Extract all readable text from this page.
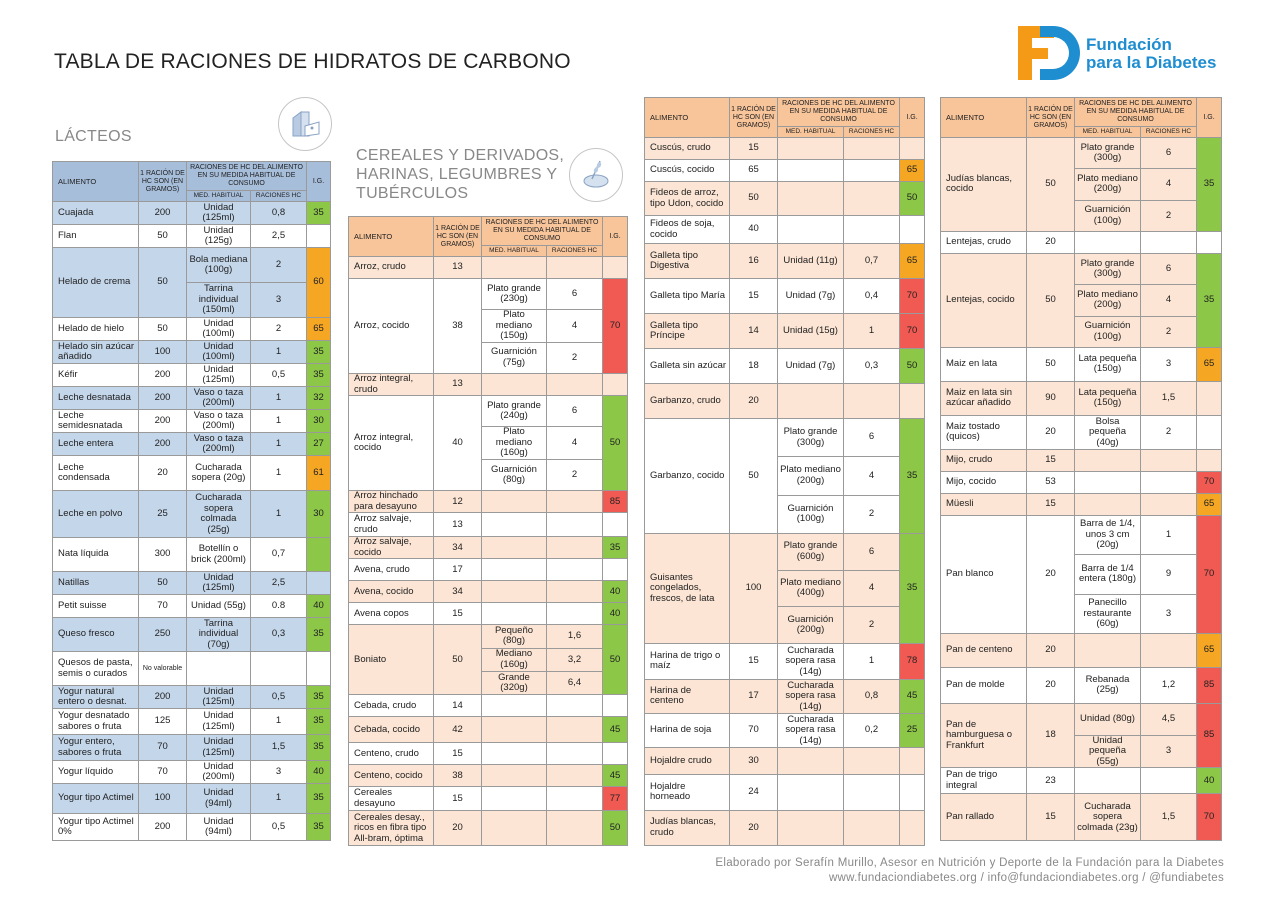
TABLA DE RACIONES DE HIDRATOS DE CARBONO
Fundación
para la Diabetes
LÁCTEOS
CEREALES Y DERIVADOS,
HARINAS, LEGUMBRES Y
TUBÉRCULOS
ALIMENTO	1 RACIÓN DE HC SON (EN GRAMOS)	RACIONES DE HC DEL ALIMENTO EN SU MEDIDA HABITUAL DE CONSUMO		I.G.
		MED. HABITUAL	RACIONES HC	
Cuajada	200	Unidad (125ml)	0,8	35
Flan	50	Unidad (125g)	2,5	
Helado de crema	50	Bola mediana (100g)	2	60
		Tarrina individual (150ml)	3	
Helado de hielo	50	Unidad (100ml)	2	65
Helado sin azúcar añadido	100	Unidad (100ml)	1	35
Kéfir	200	Unidad (125ml)	0,5	35
Leche desnatada	200	Vaso o taza (200ml)	1	32
Leche semidesnatada	200	Vaso o taza (200ml)	1	30
Leche entera	200	Vaso o taza (200ml)	1	27
Leche condensada	20	Cucharada sopera (20g)	1	61
Leche en polvo	25	Cucharada sopera colmada (25g)	1	30
Nata líquida	300	Botellín o brick (200ml)	0,7	
Natillas	50	Unidad (125ml)	2,5	
Petit suisse	70	Unidad (55g)	0.8	40
Queso fresco	250	Tarrina individual (70g)	0,3	35
Quesos de pasta, semis o curados	No valorable			
Yogur natural entero o desnat.	200	Unidad (125ml)	0,5	35
Yogur desnatado sabores o fruta	125	Unidad (125ml)	1	35
Yogur entero, sabores o fruta	70	Unidad (125ml)	1,5	35
Yogur líquido	70	Unidad (200ml)	3	40
Yogur tipo Actimel	100	Unidad (94ml)	1	35
Yogur tipo Actimel 0%	200	Unidad (94ml)	0,5	35
ALIMENTO	1 RACIÓN DE HC SON (EN GRAMOS)	RACIONES DE HC DEL ALIMENTO EN SU MEDIDA HABITUAL DE CONSUMO		I.G.
		MED. HABITUAL	RACIONES HC	
Arroz, crudo	13			
Arroz, cocido	38	Plato grande (230g)	6	70
		Plato mediano (150g)	4	
		Guarnición (75g)	2	
Arroz integral, crudo	13			
Arroz integral, cocido	40	Plato grande (240g)	6	50
		Plato mediano (160g)	4	
		Guarnición (80g)	2	
Arroz hinchado para desayuno	12			85
Arroz salvaje, crudo	13			
Arroz salvaje, cocido	34			35
Avena, crudo	17			
Avena, cocido	34			40
Avena copos	15			40
Boniato	50	Pequeño (80g)	1,6	50
		Mediano (160g)	3,2	
		Grande (320g)	6,4	
Cebada, crudo	14			
Cebada, cocido	42			45
Centeno, crudo	15			
Centeno, cocido	38			45
Cereales desayuno	15			77
Cereales desay., ricos en fibra tipo All-bram, óptima	20			50
ALIMENTO	1 RACIÓN DE HC SON (EN GRAMOS)	RACIONES DE HC DEL ALIMENTO EN SU MEDIDA HABITUAL DE CONSUMO		I.G.
		MED. HABITUAL	RACIONES HC	
Cuscús, crudo	15			
Cuscús, cocido	65			65
Fideos de arroz, tipo Udon, cocido	50			50
Fideos de soja, cocido	40			
Galleta tipo Digestiva	16	Unidad (11g)	0,7	65
Galleta tipo María	15	Unidad (7g)	0,4	70
Galleta tipo Príncipe	14	Unidad (15g)	1	70
Galleta sin azúcar	18	Unidad (7g)	0,3	50
Garbanzo, crudo	20			
Garbanzo, cocido	50	Plato grande (300g)	6	35
		Plato mediano (200g)	4	
		Guarnición (100g)	2	
Guisantes congelados, frescos, de lata	100	Plato grande (600g)	6	35
		Plato mediano (400g)	4	
		Guarnición (200g)	2	
Harina de trigo o maíz	15	Cucharada sopera rasa (14g)	1	78
Harina de centeno	17	Cucharada sopera rasa (14g)	0,8	45
Harina de soja	70	Cucharada sopera rasa (14g)	0,2	25
Hojaldre crudo	30			
Hojaldre horneado	24			
Judías blancas, crudo	20			
ALIMENTO	1 RACIÓN DE HC SON (EN GRAMOS)	RACIONES DE HC DEL ALIMENTO EN SU MEDIDA HABITUAL DE CONSUMO		I.G.
		MED. HABITUAL	RACIONES HC	
Judías blancas, cocido	50	Plato grande (300g)	6	35
		Plato mediano (200g)	4	
		Guarnición (100g)	2	
Lentejas, crudo	20			
Lentejas, cocido	50	Plato grande (300g)	6	35
		Plato mediano (200g)	4	
		Guarnición (100g)	2	
Maiz en lata	50	Lata pequeña (150g)	3	65
Maiz en lata sin azúcar añadido	90	Lata pequeña (150g)	1,5	
Maiz tostado (quicos)	20	Bolsa pequeña (40g)	2	
Mijo, crudo	15			
Mijo, cocido	53			70
Müesli	15			65
Pan blanco	20	Barra de 1/4, unos 3 cm (20g)	1	70
		Barra de 1/4 entera (180g)	9	
		Panecillo restaurante (60g)	3	
Pan de centeno	20			65
Pan de molde	20	Rebanada (25g)	1,2	85
Pan de hamburguesa o Frankfurt	18	Unidad (80g)	4,5	85
		Unidad pequeña (55g)	3	
Pan de trigo integral	23			40
Pan rallado	15	Cucharada sopera colmada (23g)	1,5	70
Elaborado por Serafín Murillo, Asesor en Nutrición y Deporte de la Fundación para la Diabetes
www.fundaciondiabetes.org / info@fundaciondiabetes.org / @fundiabetes
